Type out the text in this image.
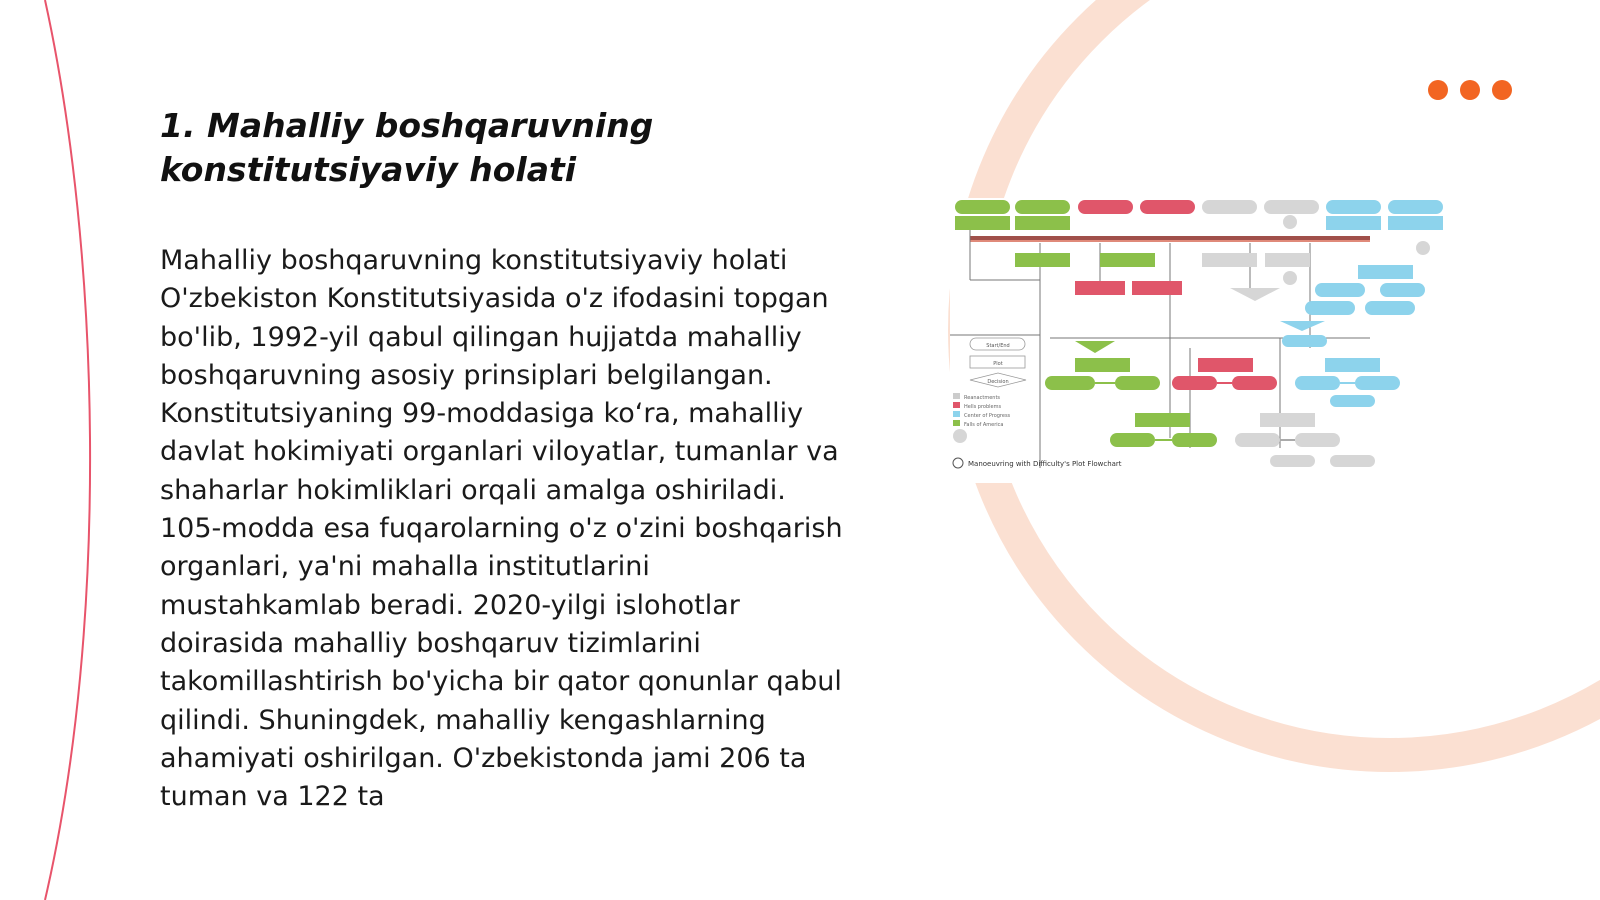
1. Mahalliy boshqaruvning konstitutsiyaviy holati

Mahalliy boshqaruvning konstitutsiyaviy holati O'zbekiston Konstitutsiyasida o'z ifodasini topgan bo'lib, 1992-yil qabul qilingan hujjatda mahalliy boshqaruvning asosiy prinsiplari belgilangan. Konstitutsiyaning 99-moddasiga ko‘ra, mahalliy davlat hokimiyati organlari viloyatlar, tumanlar va shaharlar hokimliklari orqali amalga oshiriladi. 105-modda esa fuqarolarning o'z o'zini boshqarish organlari, ya'ni mahalla institutlarini mustahkamlab beradi. 2020-yilgi islohotlar doirasida mahalliy boshqaruv tizimlarini takomillashtirish bo'yicha bir qator qonunlar qabul qilindi. Shuningdek, mahalliy kengashlarning ahamiyati oshirilgan. O'zbekistonda jami 206 ta tuman va 122 ta

Reanactments
Hells problems
Center of Progress
Falls of America
Manoeuvring with Difficulty's Plot Flowchart
Start/End
Plot
Decision
